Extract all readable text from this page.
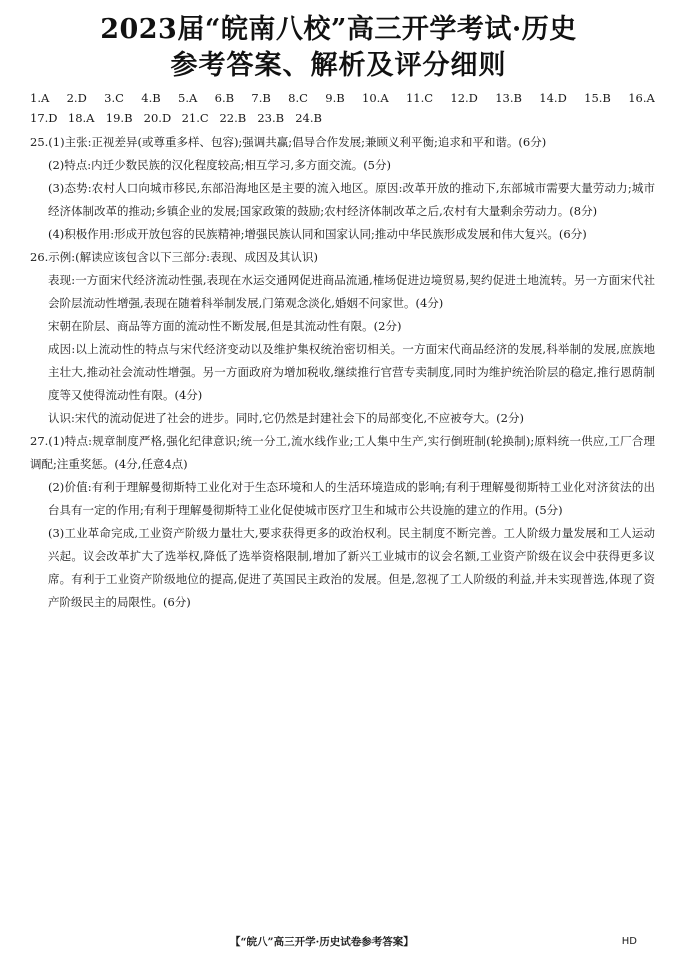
2023届“皖南八校”高三开学考试·历史
参考答案、解析及评分细则
1.A 2.D 3.C 4.B 5.A 6.B 7.B 8.C 9.B 10.A 11.C 12.D 13.B 14.D 15.B 16.A
17.D 18.A 19.B 20.D 21.C 22.B 23.B 24.B

25.(1)主张:正视差异(或尊重多样、包容);强调共赢;倡导合作发展;兼顾义利平衡;追求和平和谐。(6分)

(2)特点:内迁少数民族的汉化程度较高;相互学习,多方面交流。(5分)

(3)态势:农村人口向城市移民,东部沿海地区是主要的流入地区。原因:改革开放的推动下,东部城市需要大量劳动力;城市经济体制改革的推动;乡镇企业的发展;国家政策的鼓励;农村经济体制改革之后,农村有大量剩余劳动力。(8分)

(4)积极作用:形成开放包容的民族精神;增强民族认同和国家认同;推动中华民族形成发展和伟大复兴。(6分)

26.示例:(解读应该包含以下三部分:表现、成因及其认识)

表现:一方面宋代经济流动性强,表现在水运交通网促进商品流通,榷场促进边境贸易,契约促进土地流转。另一方面宋代社会阶层流动性增强,表现在随着科举制发展,门第观念淡化,婚姻不问家世。(4分)

宋朝在阶层、商品等方面的流动性不断发展,但是其流动性有限。(2分)

成因:以上流动性的特点与宋代经济变动以及维护集权统治密切相关。一方面宋代商品经济的发展,科举制的发展,庶族地主壮大,推动社会流动性增强。另一方面政府为增加税收,继续推行官营专卖制度,同时为维护统治阶层的稳定,推行恩荫制度等又使得流动性有限。(4分)

认识:宋代的流动促进了社会的进步。同时,它仍然是封建社会下的局部变化,不应被夸大。(2分)

27.(1)特点:规章制度严格,强化纪律意识;统一分工,流水线作业;工人集中生产,实行倒班制(轮换制);原料统一供应,工厂合理调配;注重奖惩。(4分,任意4点)

(2)价值:有利于理解曼彻斯特工业化对于生态环境和人的生活环境造成的影响;有利于理解曼彻斯特工业化对济贫法的出台具有一定的作用;有利于理解曼彻斯特工业化促使城市医疗卫生和城市公共设施的建立的作用。(5分)

(3)工业革命完成,工业资产阶级力量壮大,要求获得更多的政治权利。民主制度不断完善。工人阶级力量发展和工人运动兴起。议会改革扩大了选举权,降低了选举资格限制,增加了新兴工业城市的议会名额,工业资产阶级在议会中获得更多议席。有利于工业资产阶级地位的提高,促进了英国民主政治的发展。但是,忽视了工人阶级的利益,并未实现普选,体现了资产阶级民主的局限性。(6分)

【“皖八”高三开学·历史试卷参考答案】	HD
